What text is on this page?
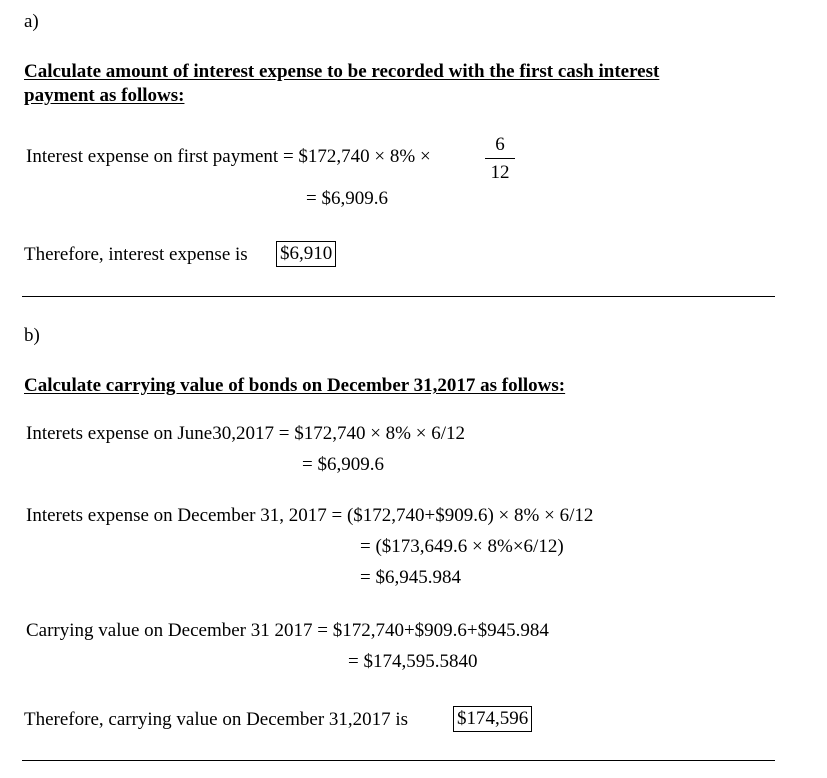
a)
Calculate amount of interest expense to be recorded with the first cash interest
payment as follows:
Interest expense on first payment = $172,740 × 8% ×
6
12
= $6,909.6
Therefore, interest expense is $6,910
b)
Calculate carrying value of bonds on December 31,2017 as follows:
Interets expense on June30,2017 = $172,740 × 8% × 6/12
= $6,909.6
Interets expense on December 31, 2017 = ($172,740+$909.6) × 8% × 6/12
= ($173,649.6 × 8%×6/12)
= $6,945.984
Carrying value on December 31 2017 = $172,740+$909.6+$945.984
= $174,595.5840
Therefore, carrying value on December 31,2017 is	$174,596
